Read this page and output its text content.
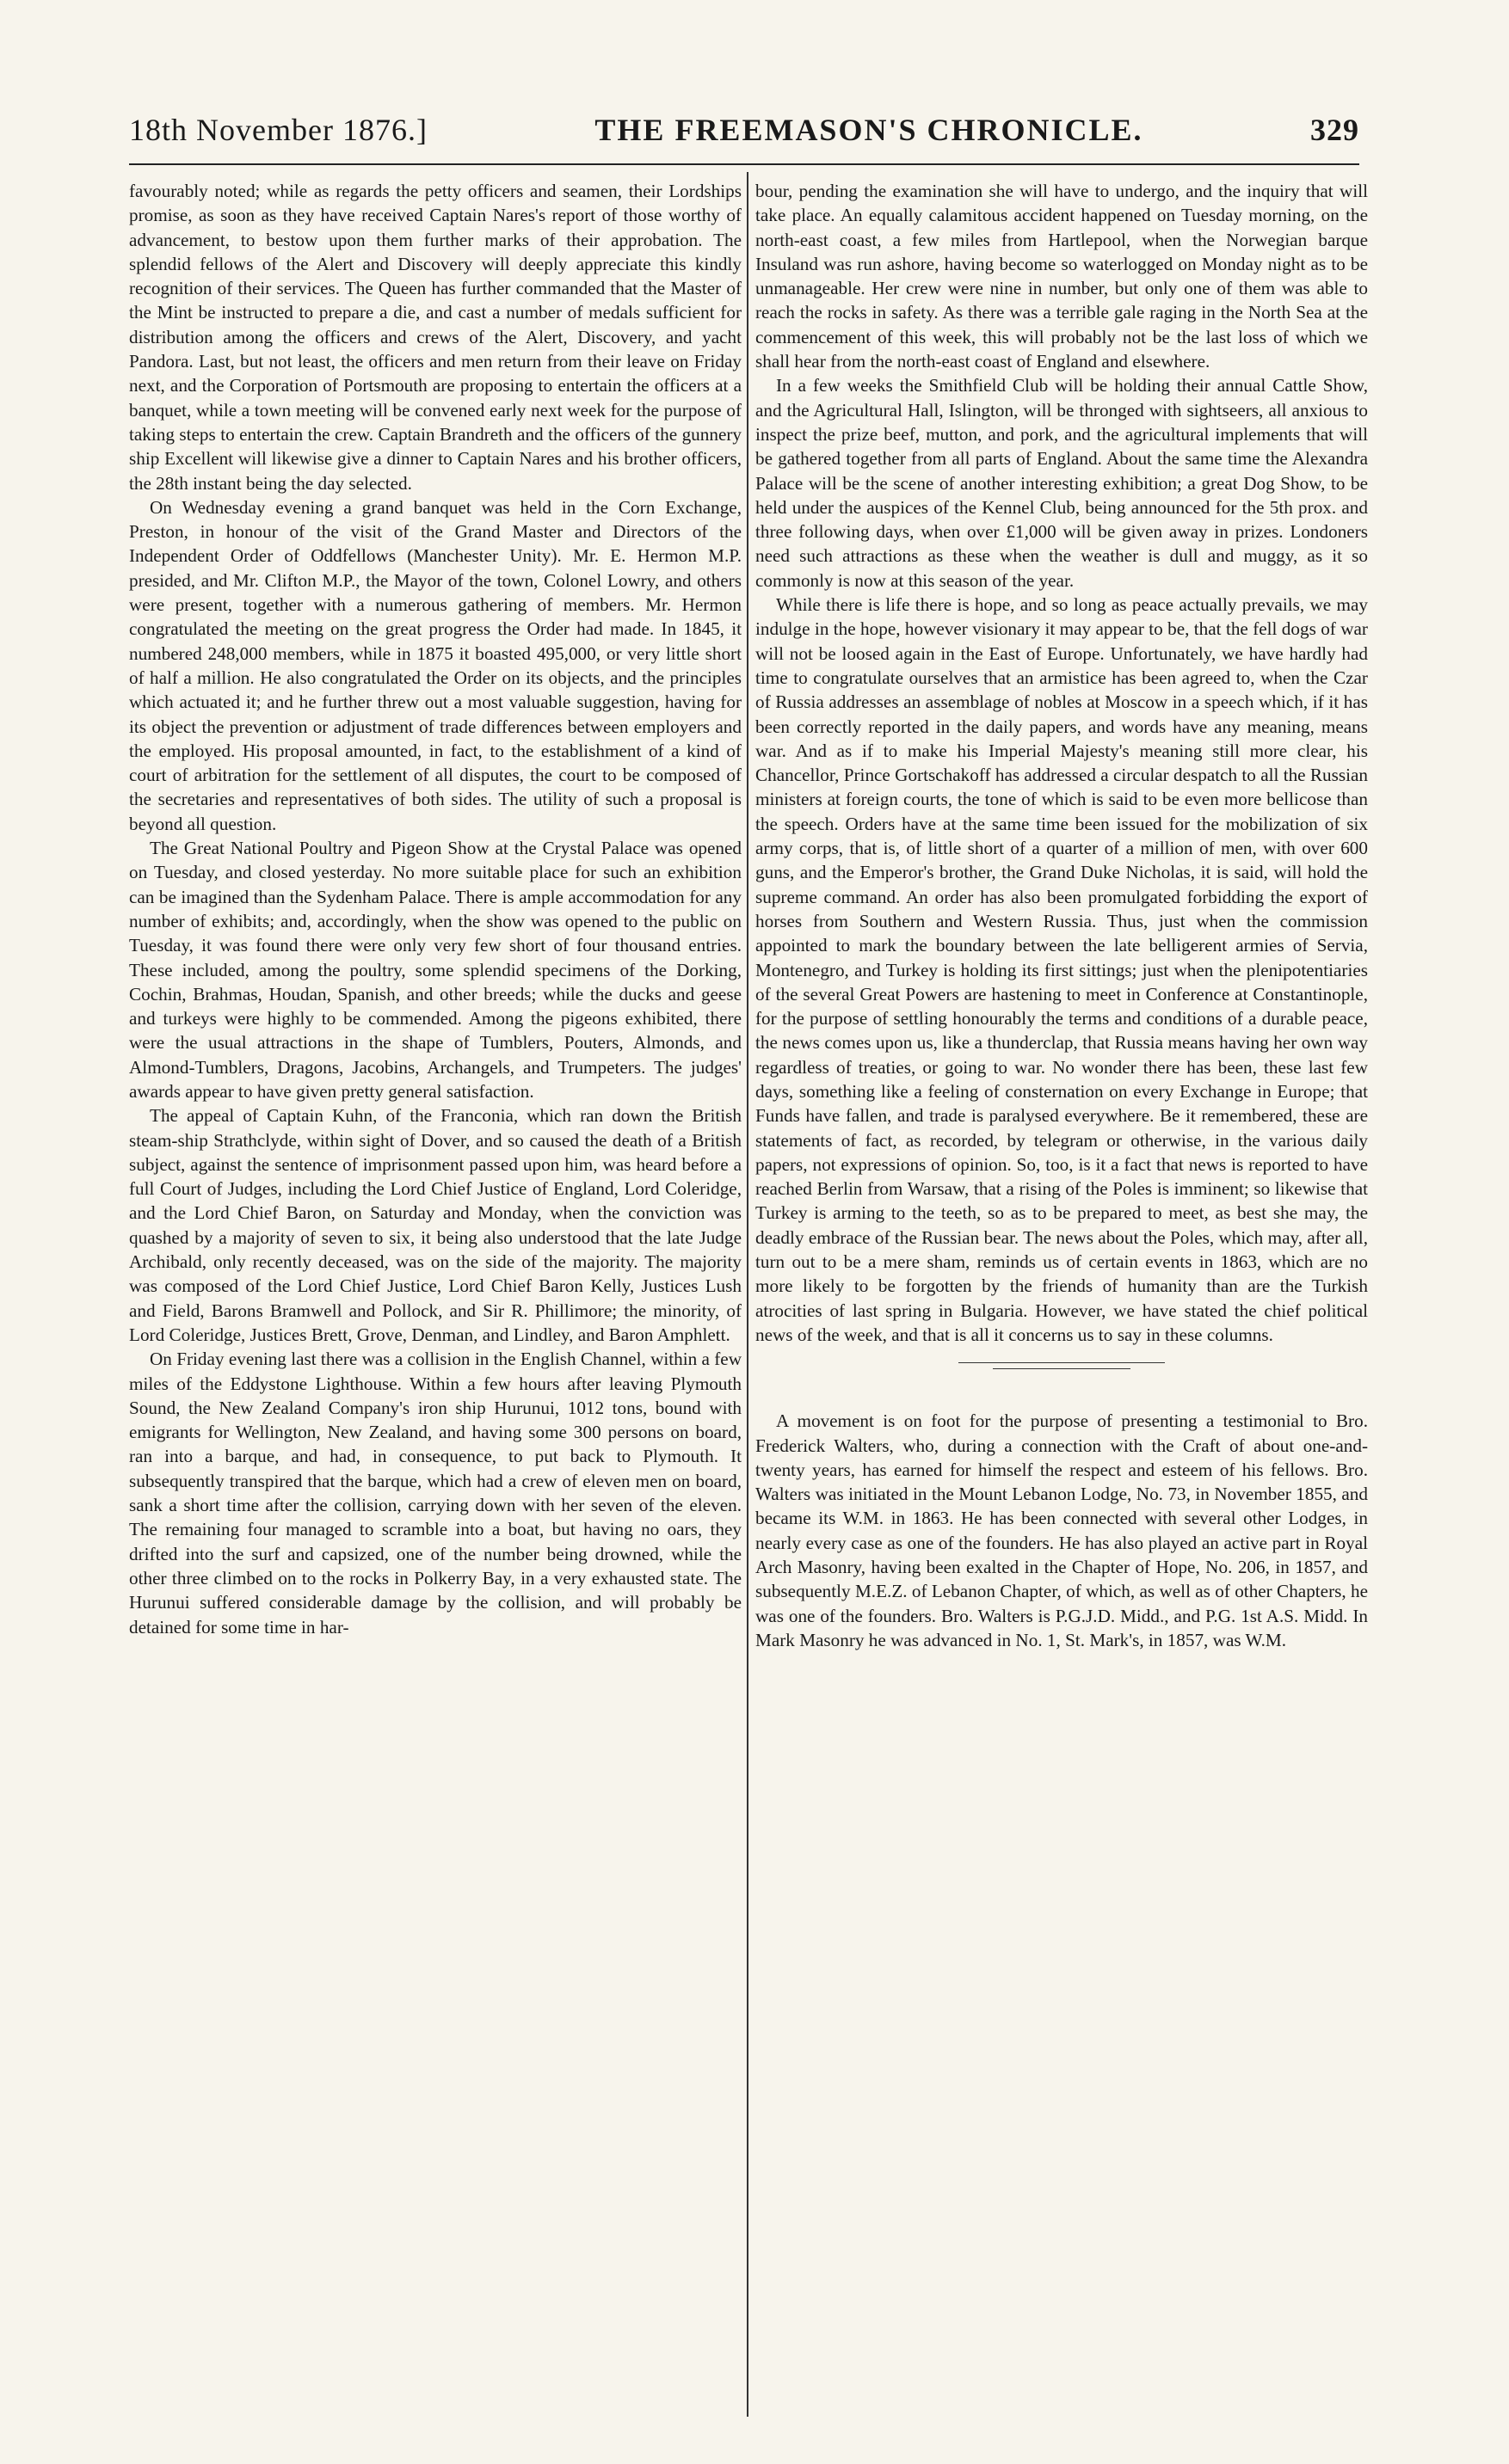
18th November 1876.]	THE FREEMASON'S CHRONICLE.	329

favourably noted; while as regards the petty officers and seamen, their Lordships promise, as soon as they have received Captain Nares's report of those worthy of advancement, to bestow upon them further marks of their approbation. The splendid fellows of the Alert and Discovery will deeply appreciate this kindly recognition of their services. The Queen has further commanded that the Master of the Mint be instructed to prepare a die, and cast a number of medals sufficient for distribution among the officers and crews of the Alert, Discovery, and yacht Pandora. Last, but not least, the officers and men return from their leave on Friday next, and the Corporation of Portsmouth are proposing to entertain the officers at a banquet, while a town meeting will be convened early next week for the purpose of taking steps to entertain the crew. Captain Brandreth and the officers of the gunnery ship Excellent will likewise give a dinner to Captain Nares and his brother officers, the 28th instant being the day selected.

On Wednesday evening a grand banquet was held in the Corn Exchange, Preston, in honour of the visit of the Grand Master and Directors of the Independent Order of Oddfellows (Manchester Unity). Mr. E. Hermon M.P. presided, and Mr. Clifton M.P., the Mayor of the town, Colonel Lowry, and others were present, together with a numerous gathering of members. Mr. Hermon congratulated the meeting on the great progress the Order had made. In 1845, it numbered 248,000 members, while in 1875 it boasted 495,000, or very little short of half a million. He also congratulated the Order on its objects, and the principles which actuated it; and he further threw out a most valuable suggestion, having for its object the prevention or adjustment of trade differences between employers and the employed. His proposal amounted, in fact, to the establishment of a kind of court of arbitration for the settlement of all disputes, the court to be composed of the secretaries and representatives of both sides. The utility of such a proposal is beyond all question.

The Great National Poultry and Pigeon Show at the Crystal Palace was opened on Tuesday, and closed yesterday. No more suitable place for such an exhibition can be imagined than the Sydenham Palace. There is ample accommodation for any number of exhibits; and, accordingly, when the show was opened to the public on Tuesday, it was found there were only very few short of four thousand entries. These included, among the poultry, some splendid specimens of the Dorking, Cochin, Brahmas, Houdan, Spanish, and other breeds; while the ducks and geese and turkeys were highly to be commended. Among the pigeons exhibited, there were the usual attractions in the shape of Tumblers, Pouters, Almonds, and Almond-Tumblers, Dragons, Jacobins, Archangels, and Trumpeters. The judges' awards appear to have given pretty general satisfaction.

The appeal of Captain Kuhn, of the Franconia, which ran down the British steam-ship Strathclyde, within sight of Dover, and so caused the death of a British subject, against the sentence of imprisonment passed upon him, was heard before a full Court of Judges, including the Lord Chief Justice of England, Lord Coleridge, and the Lord Chief Baron, on Saturday and Monday, when the conviction was quashed by a majority of seven to six, it being also understood that the late Judge Archibald, only recently deceased, was on the side of the majority. The majority was composed of the Lord Chief Justice, Lord Chief Baron Kelly, Justices Lush and Field, Barons Bramwell and Pollock, and Sir R. Phillimore; the minority, of Lord Coleridge, Justices Brett, Grove, Denman, and Lindley, and Baron Amphlett.

On Friday evening last there was a collision in the English Channel, within a few miles of the Eddystone Lighthouse. Within a few hours after leaving Plymouth Sound, the New Zealand Company's iron ship Hurunui, 1012 tons, bound with emigrants for Wellington, New Zealand, and having some 300 persons on board, ran into a barque, and had, in consequence, to put back to Plymouth. It subsequently transpired that the barque, which had a crew of eleven men on board, sank a short time after the collision, carrying down with her seven of the eleven. The remaining four managed to scramble into a boat, but having no oars, they drifted into the surf and capsized, one of the number being drowned, while the other three climbed on to the rocks in Polkerry Bay, in a very exhausted state. The Hurunui suffered considerable damage by the collision, and will probably be detained for some time in har-

bour, pending the examination she will have to undergo, and the inquiry that will take place. An equally calamitous accident happened on Tuesday morning, on the north-east coast, a few miles from Hartlepool, when the Norwegian barque Insuland was run ashore, having become so waterlogged on Monday night as to be unmanageable. Her crew were nine in number, but only one of them was able to reach the rocks in safety. As there was a terrible gale raging in the North Sea at the commencement of this week, this will probably not be the last loss of which we shall hear from the north-east coast of England and elsewhere.

In a few weeks the Smithfield Club will be holding their annual Cattle Show, and the Agricultural Hall, Islington, will be thronged with sightseers, all anxious to inspect the prize beef, mutton, and pork, and the agricultural implements that will be gathered together from all parts of England. About the same time the Alexandra Palace will be the scene of another interesting exhibition; a great Dog Show, to be held under the auspices of the Kennel Club, being announced for the 5th prox. and three following days, when over £1,000 will be given away in prizes. Londoners need such attractions as these when the weather is dull and muggy, as it so commonly is now at this season of the year.

While there is life there is hope, and so long as peace actually prevails, we may indulge in the hope, however visionary it may appear to be, that the fell dogs of war will not be loosed again in the East of Europe. Unfortunately, we have hardly had time to congratulate ourselves that an armistice has been agreed to, when the Czar of Russia addresses an assemblage of nobles at Moscow in a speech which, if it has been correctly reported in the daily papers, and words have any meaning, means war. And as if to make his Imperial Majesty's meaning still more clear, his Chancellor, Prince Gortschakoff has addressed a circular despatch to all the Russian ministers at foreign courts, the tone of which is said to be even more bellicose than the speech. Orders have at the same time been issued for the mobilization of six army corps, that is, of little short of a quarter of a million of men, with over 600 guns, and the Emperor's brother, the Grand Duke Nicholas, it is said, will hold the supreme command. An order has also been promulgated forbidding the export of horses from Southern and Western Russia. Thus, just when the commission appointed to mark the boundary between the late belligerent armies of Servia, Montenegro, and Turkey is holding its first sittings; just when the plenipotentiaries of the several Great Powers are hastening to meet in Conference at Constantinople, for the purpose of settling honourably the terms and conditions of a durable peace, the news comes upon us, like a thunderclap, that Russia means having her own way regardless of treaties, or going to war. No wonder there has been, these last few days, something like a feeling of consternation on every Exchange in Europe; that Funds have fallen, and trade is paralysed everywhere. Be it remembered, these are statements of fact, as recorded, by telegram or otherwise, in the various daily papers, not expressions of opinion. So, too, is it a fact that news is reported to have reached Berlin from Warsaw, that a rising of the Poles is imminent; so likewise that Turkey is arming to the teeth, so as to be prepared to meet, as best she may, the deadly embrace of the Russian bear. The news about the Poles, which may, after all, turn out to be a mere sham, reminds us of certain events in 1863, which are no more likely to be forgotten by the friends of humanity than are the Turkish atrocities of last spring in Bulgaria. However, we have stated the chief political news of the week, and that is all it concerns us to say in these columns.

A movement is on foot for the purpose of presenting a testimonial to Bro. Frederick Walters, who, during a connection with the Craft of about one-and-twenty years, has earned for himself the respect and esteem of his fellows. Bro. Walters was initiated in the Mount Lebanon Lodge, No. 73, in November 1855, and became its W.M. in 1863. He has been connected with several other Lodges, in nearly every case as one of the founders. He has also played an active part in Royal Arch Masonry, having been exalted in the Chapter of Hope, No. 206, in 1857, and subsequently M.E.Z. of Lebanon Chapter, of which, as well as of other Chapters, he was one of the founders. Bro. Walters is P.G.J.D. Midd., and P.G. 1st A.S. Midd. In Mark Masonry he was advanced in No. 1, St. Mark's, in 1857, was W.M.
